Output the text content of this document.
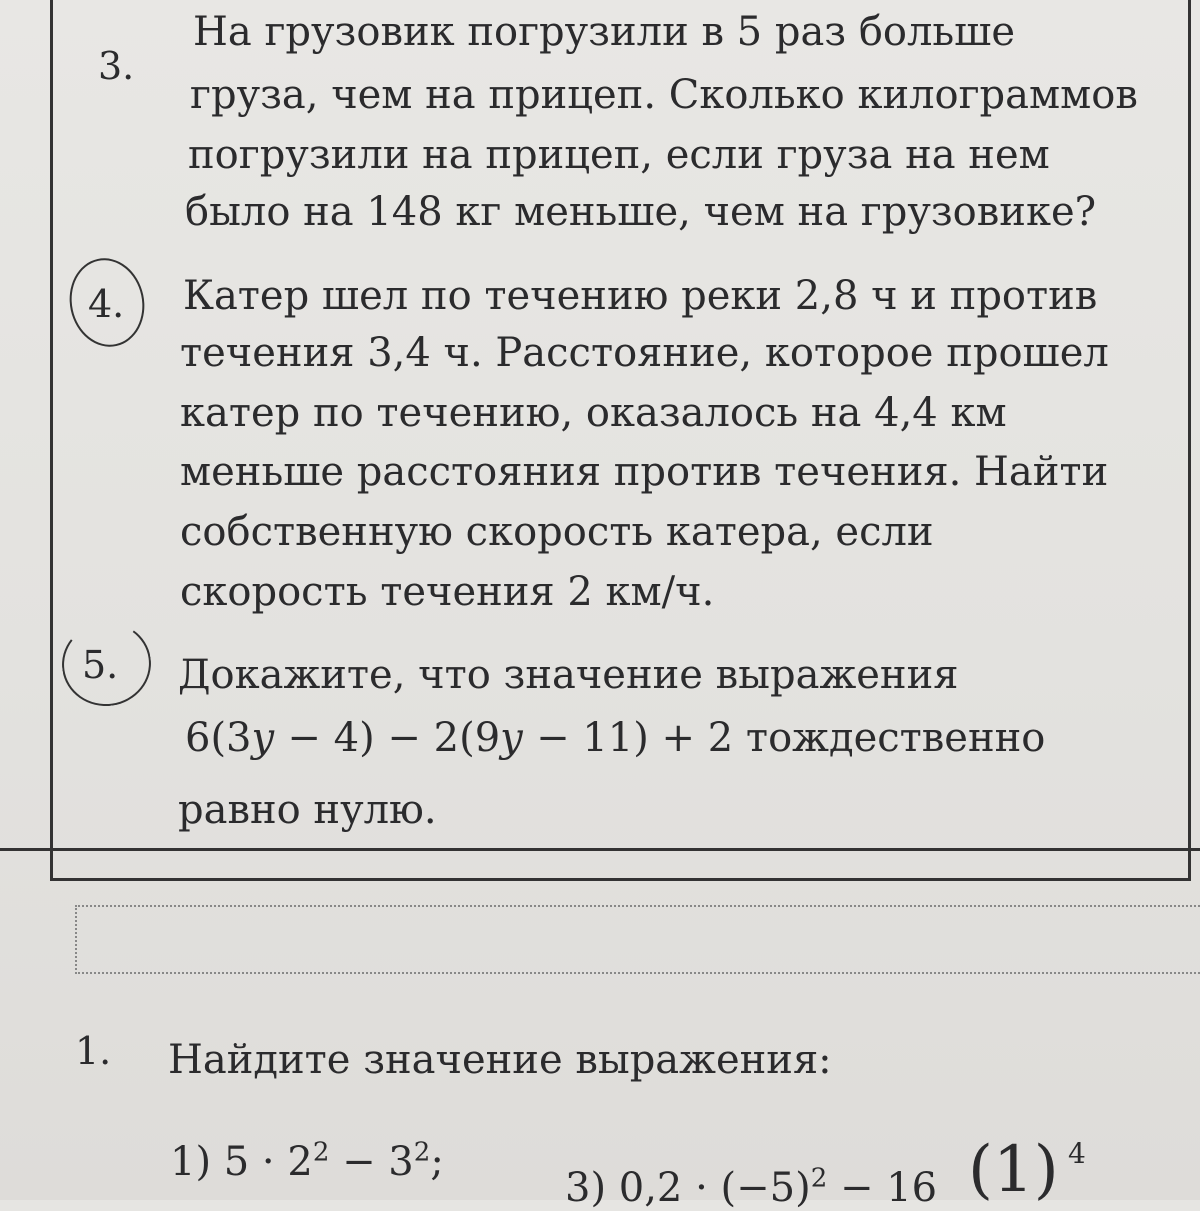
3.
На грузовик погрузили в 5 раз больше
груза, чем на прицеп. Сколько килограммов
погрузили на прицеп, если груза на нем
было на 148 кг меньше, чем на грузовике?
4. Катер шел по течению реки 2,8 ч и против
течения 3,4 ч. Расстояние, которое прошел
катер по течению, оказалось на 4,4 км
меньше расстояния против течения. Найти
собственную скорость катера, если
скорость течения 2 км/ч.
5. Докажите, что значение выражения
6(3у − 4) − 2(9у − 11) + 2 тождественно
равно нулю.
1. Найдите значение выражения:
1) $5 \cdot 2^2 - 3^2$;
3) $0,2 \cdot (-5)^2 - 16$ (1) 4
